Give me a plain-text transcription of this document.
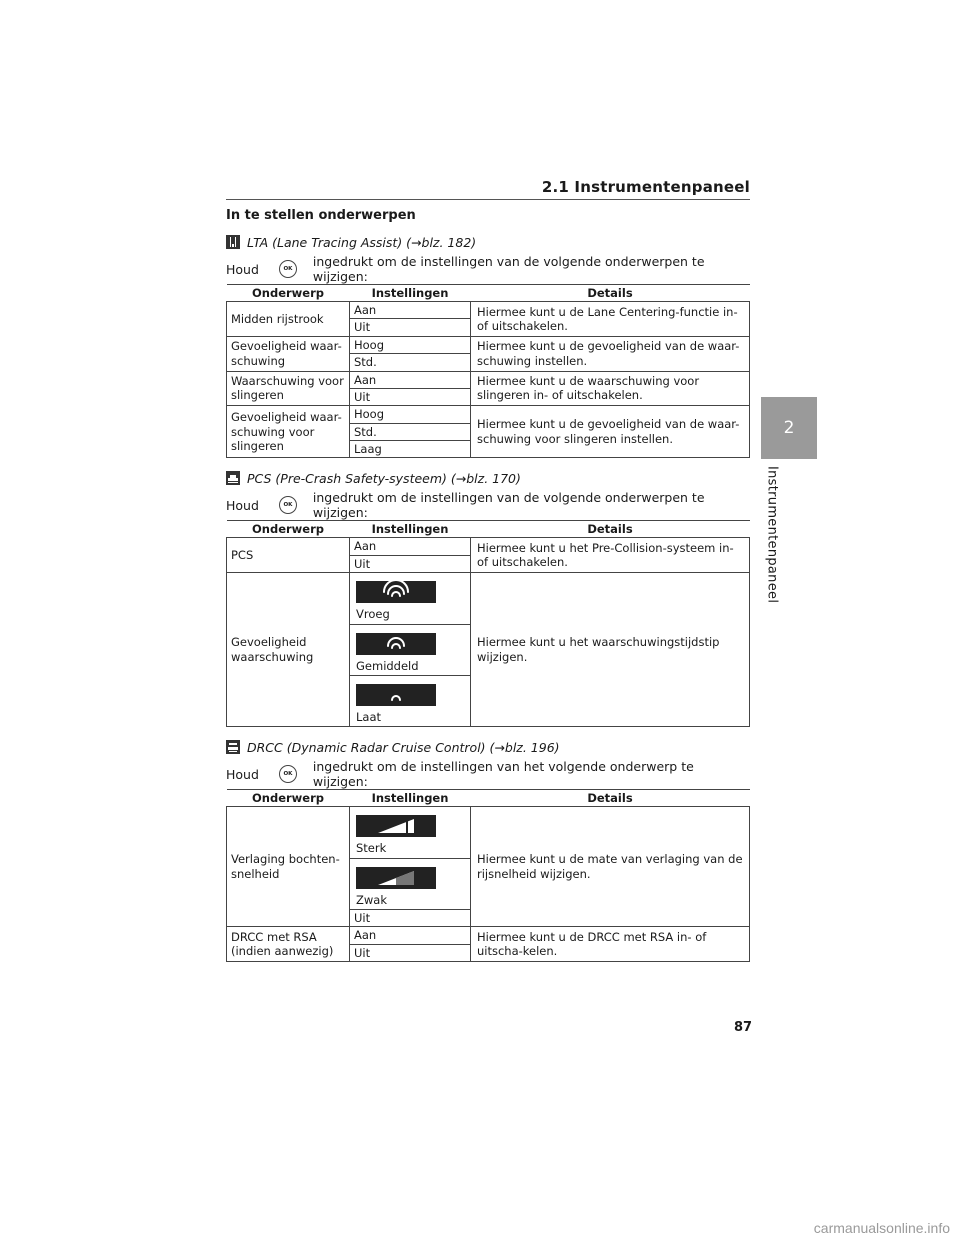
2.1 Instrumentenpaneel
2
Instrumentenpaneel
In te stellen onderwerpen
LTA (Lane Tracing Assist) ( →blz. 182 )
Houd	OK	ingedrukt om de instellingen van de volgende onderwerpen te wijzigen:
Onderwerp	Instellingen	Details
Midden rijstrook	Aan	Hiermee kunt u de Lane Centering-functie in- of uitschakelen.
	Uit	
Gevoeligheid waar-
schuwing	Hoog	Hiermee kunt u de gevoeligheid van de waar-schuwing instellen.
	Std.	
Waarschuwing voor slingeren	Aan	Hiermee kunt u de waarschuwing voor slingeren in- of uitschakelen.
	Uit	
Gevoeligheid waar-
schuwing voor slingeren	Hoog	Hiermee kunt u de gevoeligheid van de waar-schuwing voor slingeren instellen.
	Std.	
	Laag	
PCS (Pre-Crash Safety-systeem) ( →blz. 170 )
Houd	OK	ingedrukt om de instellingen van de volgende onderwerpen te wijzigen:
Onderwerp	Instellingen	Details
PCS	Aan	Hiermee kunt u het Pre-Collision-systeem in- of uitschakelen.
	Uit	
Gevoeligheid waarschuwing	Vroeg	Hiermee kunt u het waarschuwingstijdstip wijzigen.

	Gemiddeld	

	Laat	
DRCC (Dynamic Radar Cruise Control) ( →blz. 196 )
Houd	OK	ingedrukt om de instellingen van het volgende onderwerp te wijzigen:
Onderwerp	Instellingen	Details
Verlaging bochten-
snelheid	Sterk	Hiermee kunt u de mate van verlaging van de rijsnelheid wijzigen.

	Zwak	

	Uit	
DRCC met RSA (indien aanwezig)	Aan	Hiermee kunt u de DRCC met RSA in- of uitscha-kelen.
	Uit	
87
carmanualsonline.info
